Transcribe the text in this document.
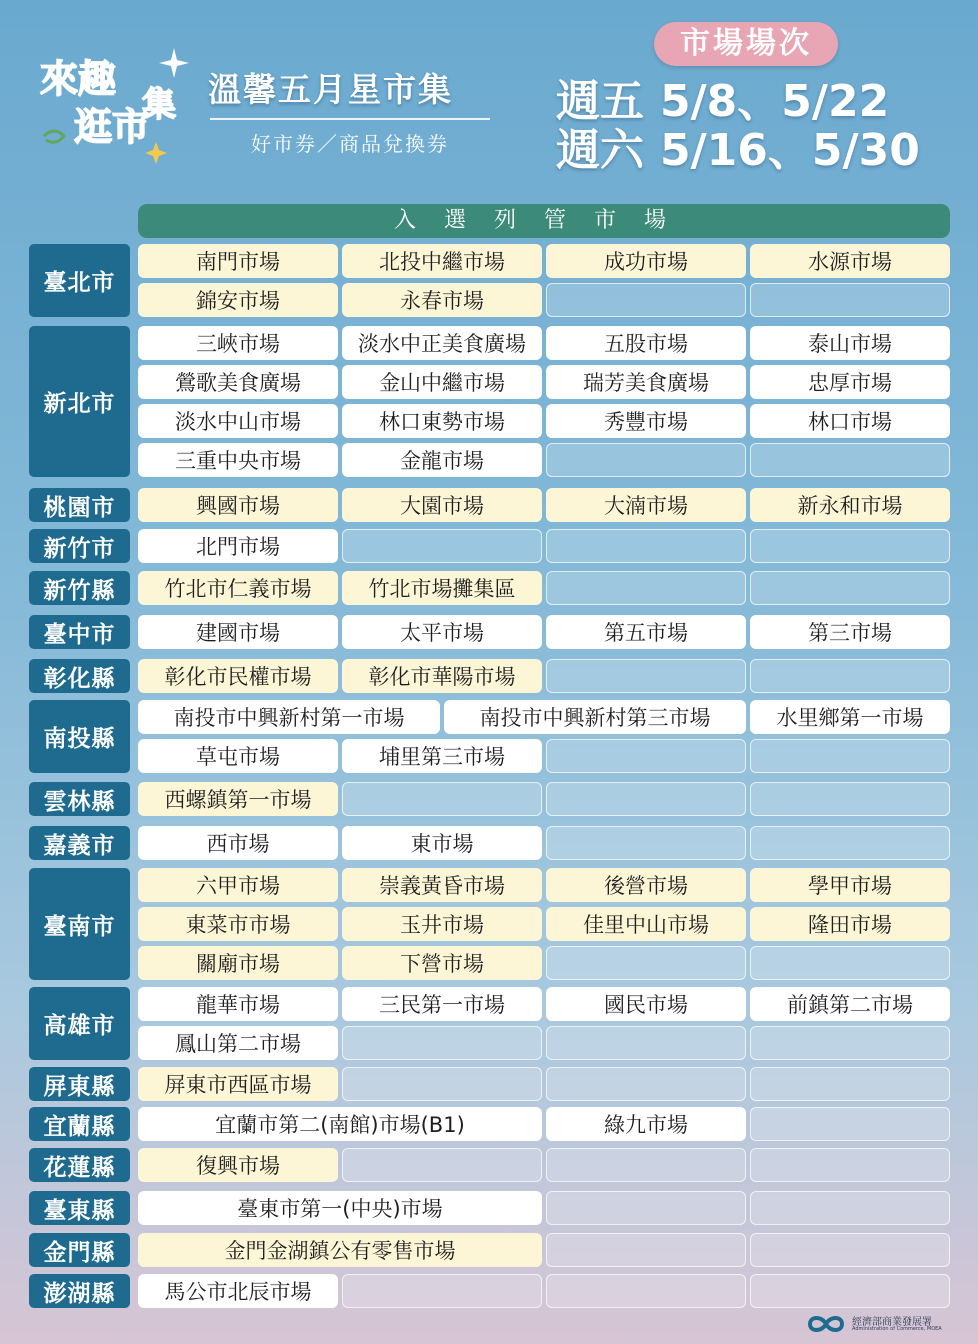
來趣
逛市
集 溫馨五月星市集
好市券／商品兌換券
市場場次
週五 5/8、5/22
週六 5/16、5/30
入選列管市場
臺北市
南門市場	北投中繼市場	成功市場	水源市場
錦安市場	永春市場
新北市
三峽市場	淡水中正美食廣場	五股市場	泰山市場
鶯歌美食廣場	金山中繼市場	瑞芳美食廣場	忠厚市場
淡水中山市場	林口東勢市場	秀豐市場	林口市場
三重中央市場	金龍市場
桃園市	興國市場	大園市場	大湳市場	新永和市場
新竹市	北門市場
新竹縣	竹北市仁義市場	竹北市場攤集區
臺中市	建國市場	太平市場	第五市場	第三市場
彰化縣	彰化市民權市場	彰化市華陽市場
南投縣
南投市中興新村第一市場	南投市中興新村第三市場	水里鄉第一市場
草屯市場	埔里第三市場
雲林縣	西螺鎮第一市場
嘉義市	西市場	東市場
臺南市
六甲市場	崇義黃昏市場	後營市場	學甲市場
東菜市市場	玉井市場	佳里中山市場	隆田市場
關廟市場	下營市場
高雄市
龍華市場	三民第一市場	國民市場	前鎮第二市場
鳳山第二市場
屏東縣	屏東市西區市場
宜蘭縣	宜蘭市第二(南館)市場(B1)	綠九市場
花蓮縣	復興市場
臺東縣	臺東市第一(中央)市場
金門縣	金門金湖鎮公有零售市場
澎湖縣	馬公市北辰市場
經濟部商業發展署
Administration of Commerce, MOEA
